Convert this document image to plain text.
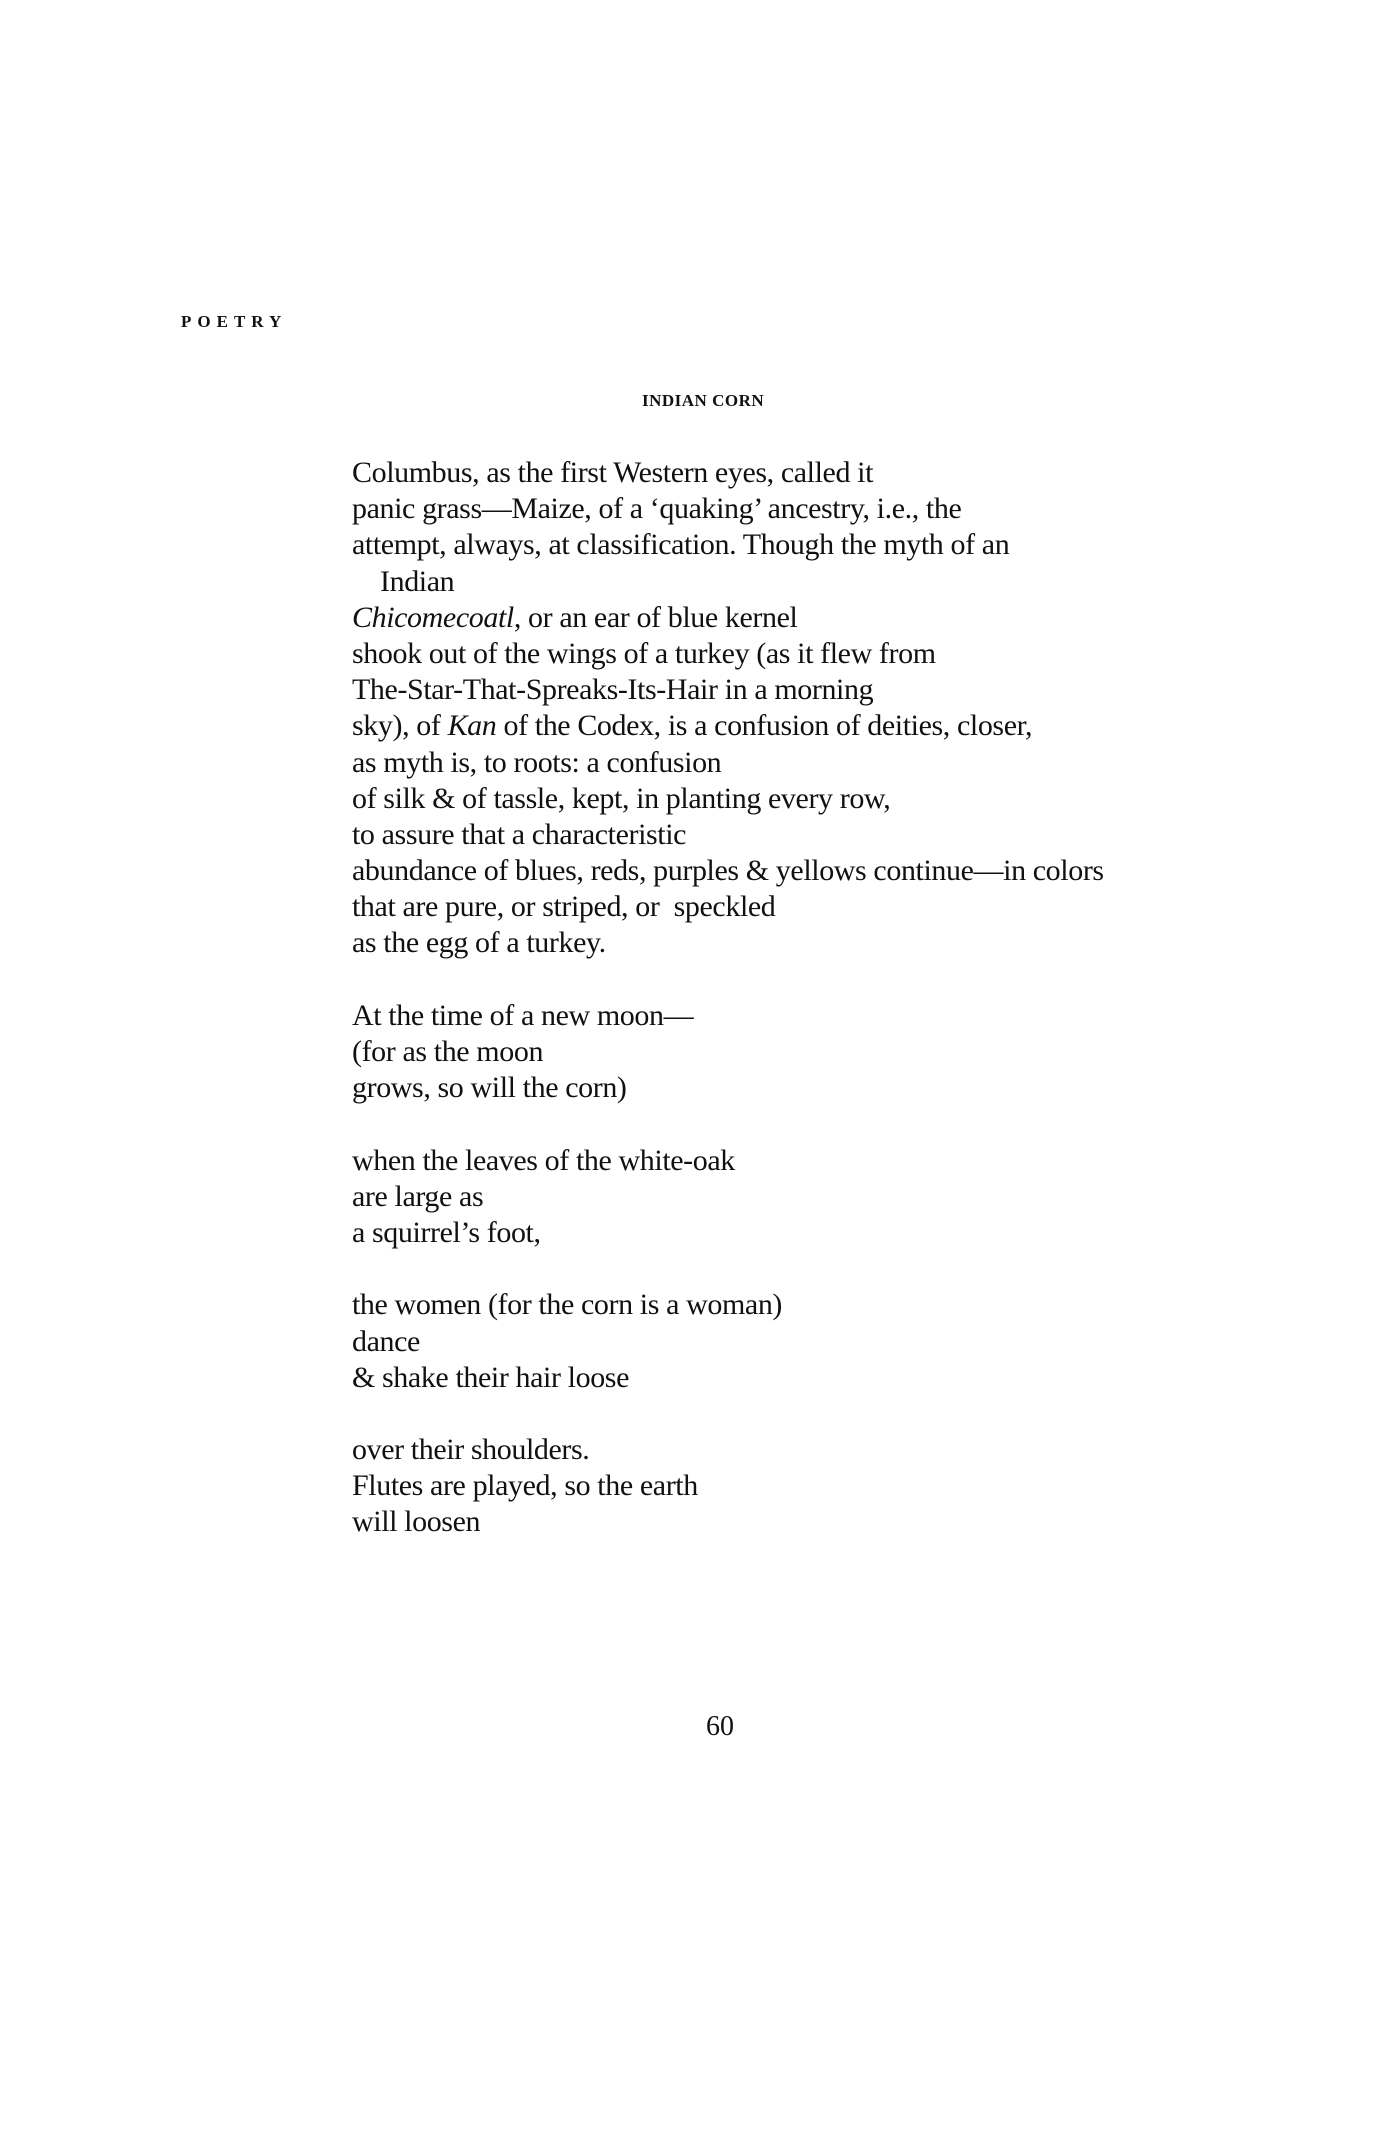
POETRY
INDIAN CORN
Columbus, as the first Western eyes, called it
panic grass—Maize, of a ‘quaking’ ancestry, i.e., the
attempt, always, at classification. Though the myth of an
Indian
Chicomecoatl, or an ear of blue kernel
shook out of the wings of a turkey (as it flew from
The-Star-That-Spreaks-Its-Hair in a morning
sky), of Kan of the Codex, is a confusion of deities, closer,
as myth is, to roots: a confusion
of silk & of tassle, kept, in planting every row,
to assure that a characteristic
abundance of blues, reds, purples & yellows continue—in colors
that are pure, or striped, or  speckled
as the egg of a turkey.
At the time of a new moon—
(for as the moon
grows, so will the corn)
when the leaves of the white-oak
are large as
a squirrel’s foot,
the women (for the corn is a woman)
dance
& shake their hair loose
over their shoulders.
Flutes are played, so the earth
will loosen
60
